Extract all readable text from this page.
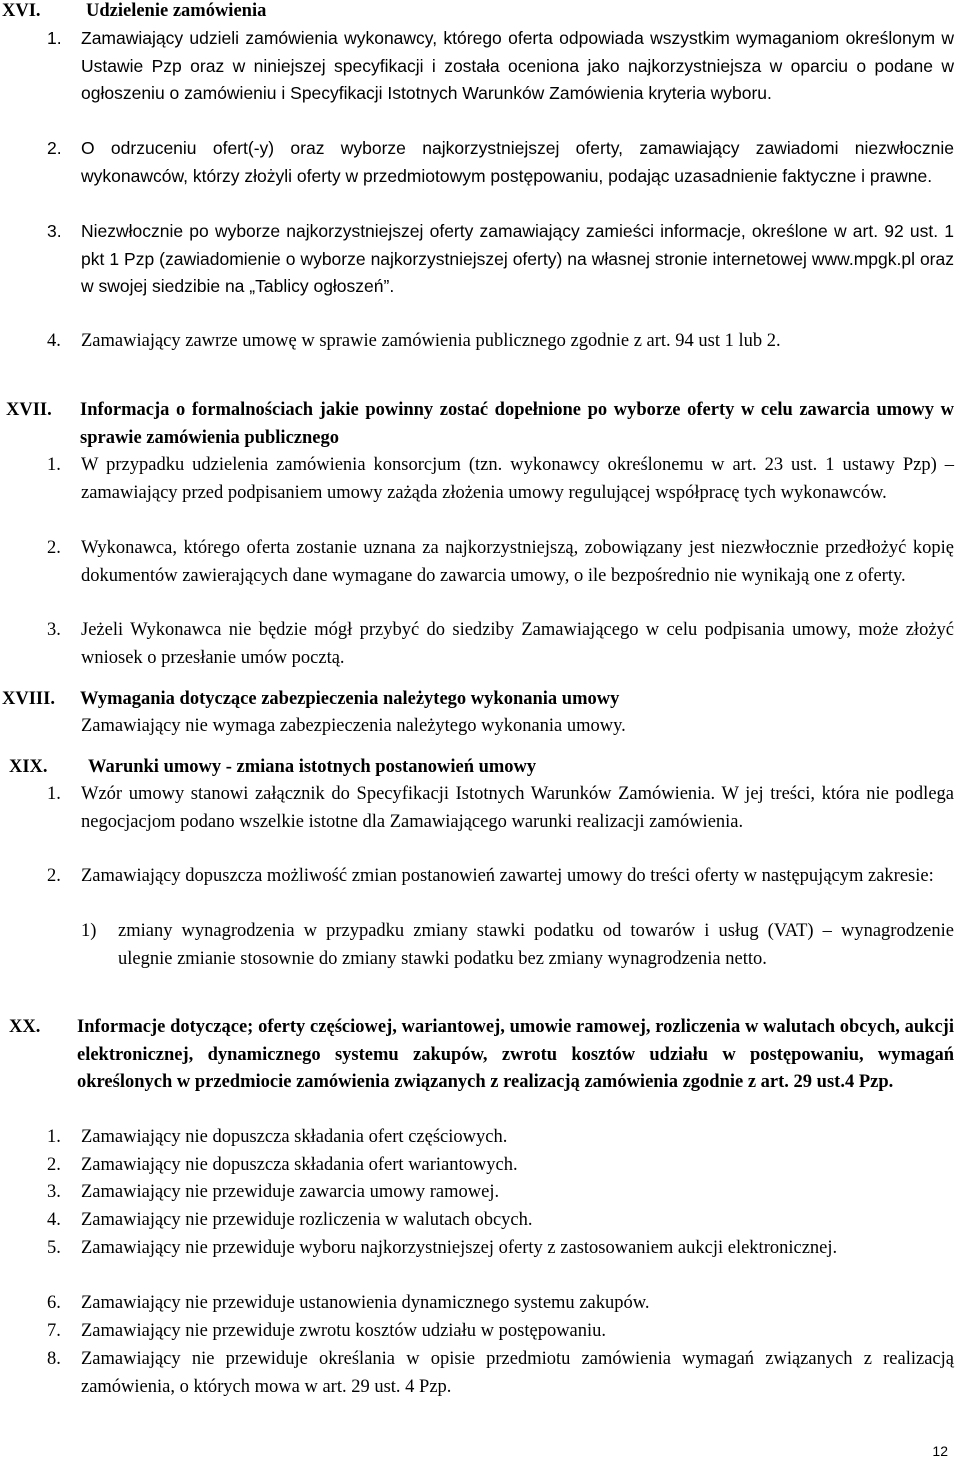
XVI. Udzielenie zamówienia
1. Zamawiający udzieli zamówienia wykonawcy, którego oferta odpowiada wszystkim wymaganiom określonym w Ustawie Pzp oraz w niniejszej specyfikacji i została oceniona jako najkorzystniejsza w oparciu o podane w ogłoszeniu o zamówieniu i Specyfikacji Istotnych Warunków Zamówienia kryteria wyboru.
2. O odrzuceniu ofert(-y) oraz wyborze najkorzystniejszej oferty, zamawiający zawiadomi niezwłocznie wykonawców, którzy złożyli oferty w przedmiotowym postępowaniu, podając uzasadnienie faktyczne i prawne.
3. Niezwłocznie po wyborze najkorzystniejszej oferty zamawiający zamieści informacje, określone w art. 92 ust. 1 pkt 1 Pzp (zawiadomienie o wyborze najkorzystniejszej oferty) na własnej stronie internetowej www.mpgk.pl oraz w swojej siedzibie na „Tablicy ogłoszeń”.
4. Zamawiający zawrze umowę w sprawie zamówienia publicznego zgodnie z art. 94 ust 1 lub 2.
XVII. Informacja o formalnościach jakie powinny zostać dopełnione po wyborze oferty w celu zawarcia umowy w sprawie zamówienia publicznego
1. W przypadku udzielenia zamówienia konsorcjum (tzn. wykonawcy określonemu w art. 23 ust. 1 ustawy Pzp) – zamawiający przed podpisaniem umowy zażąda złożenia umowy regulującej współpracę tych wykonawców.
2. Wykonawca, którego oferta zostanie uznana za najkorzystniejszą, zobowiązany jest niezwłocznie przedłożyć kopię dokumentów zawierających dane wymagane do zawarcia umowy, o ile bezpośrednio nie wynikają one z oferty.
3. Jeżeli Wykonawca nie będzie mógł przybyć do siedziby Zamawiającego w celu podpisania umowy, może złożyć wniosek o przesłanie umów pocztą.
XVIII. Wymagania dotyczące zabezpieczenia należytego wykonania umowy
Zamawiający nie wymaga zabezpieczenia należytego wykonania umowy.
XIX. Warunki umowy - zmiana istotnych postanowień umowy
1. Wzór umowy stanowi załącznik do Specyfikacji Istotnych Warunków Zamówienia. W jej treści, która nie podlega negocjacjom podano wszelkie istotne dla Zamawiającego warunki realizacji zamówienia.
2. Zamawiający dopuszcza możliwość zmian postanowień zawartej umowy do treści oferty w następującym zakresie:
1) zmiany wynagrodzenia w przypadku zmiany stawki podatku od towarów i usług (VAT) – wynagrodzenie ulegnie zmianie stosownie do zmiany stawki podatku bez zmiany wynagrodzenia netto.
XX. Informacje dotyczące; oferty częściowej, wariantowej, umowie ramowej, rozliczenia w walutach obcych, aukcji elektronicznej, dynamicznego systemu zakupów, zwrotu kosztów udziału w postępowaniu, wymagań określonych w przedmiocie zamówienia związanych z realizacją zamówienia zgodnie z art. 29 ust.4 Pzp.
1. Zamawiający nie dopuszcza składania ofert częściowych.
2. Zamawiający nie dopuszcza składania ofert wariantowych.
3. Zamawiający nie przewiduje zawarcia umowy ramowej.
4. Zamawiający nie przewiduje rozliczenia w walutach obcych.
5. Zamawiający nie przewiduje wyboru najkorzystniejszej oferty z zastosowaniem aukcji elektronicznej.
6. Zamawiający nie przewiduje ustanowienia dynamicznego systemu zakupów.
7. Zamawiający nie przewiduje zwrotu kosztów udziału w postępowaniu.
8. Zamawiający nie przewiduje określania w opisie przedmiotu zamówienia wymagań związanych z realizacją zamówienia, o których mowa w art. 29 ust. 4 Pzp.
12
